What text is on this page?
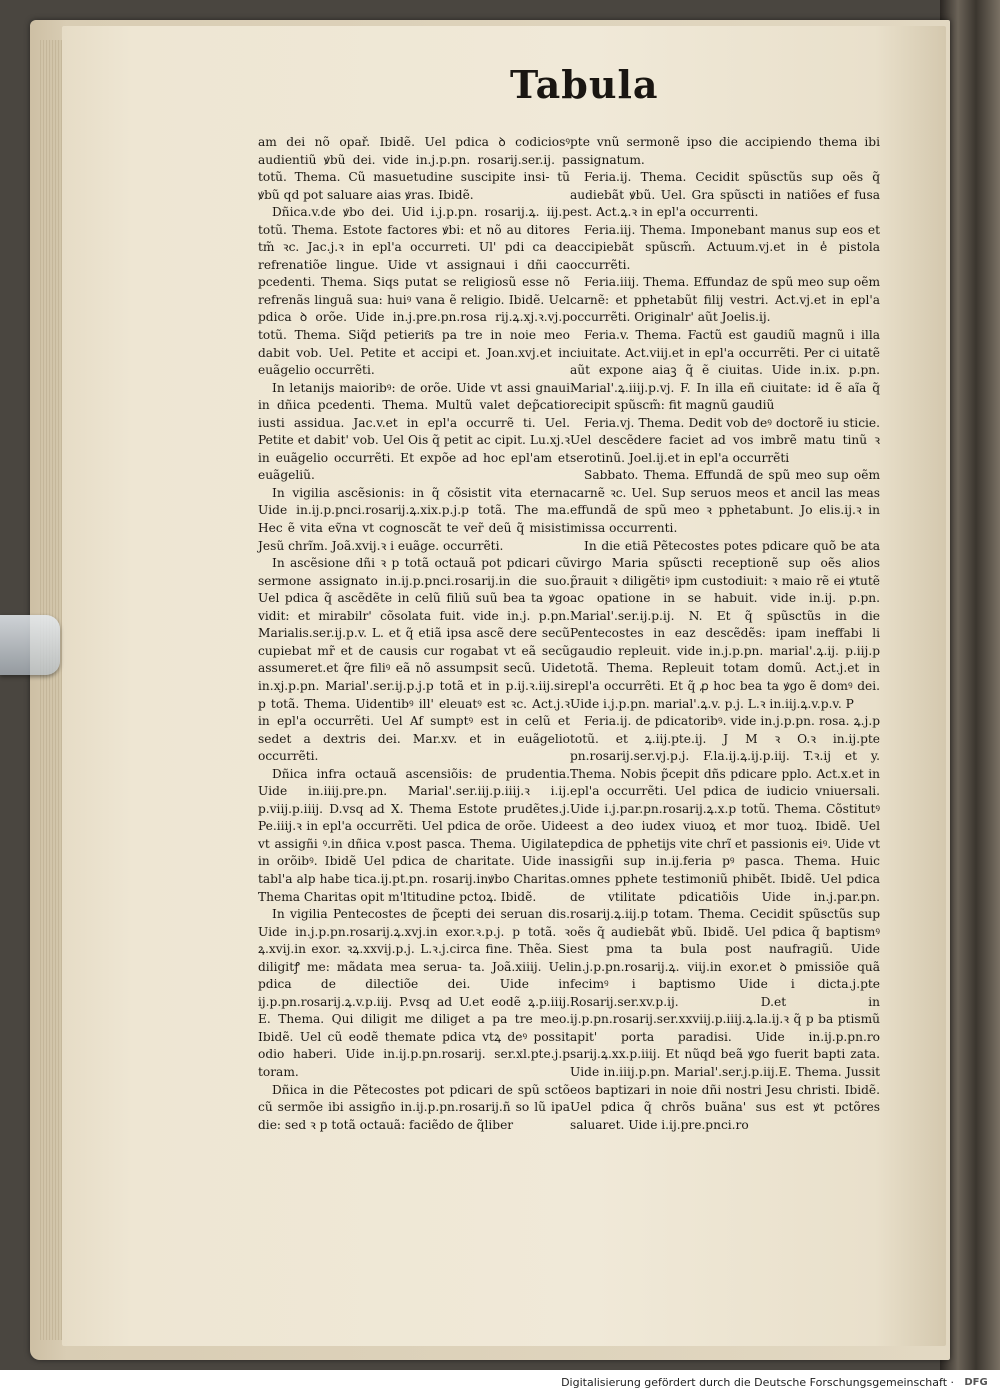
Tabula

am dei nõ opař. Ibidẽ. Uel pdica ꝺ codiciosꝰ audientiũ ꝟbũ dei. vide in.j.p.pn. rosarij.ser.ij. p totũ. Thema. Cũ masuetudine suscipite insi- tũ ꝟbũ qd pot saluare aias ꝟras. Ibidẽ.

Dñica.v.de ꝟbo dei. Uid i.j.p.pn. rosarij.ꝝ. iij.p totũ. Thema. Estote factores ꝟbi: et nõ au ditores tm̃ ꝛc. Jac.j.ꝛ in epl'a occurreti. Ul' pdi ca de refrenatiõe lingue. Uide vt assignaui i dñi ca pcedenti. Thema. Siqs putat se religiosũ esse nõ refrenãs linguã sua: huiꝰ vana ẽ religio. Ibidẽ. Uel pdica ꝺ orõe. Uide in.j.pre.pn.rosa rij.ꝝ.xj.ꝛ.vj.p totũ. Thema. Siq̃d petierit͂s pa tre in noie meo dabit vob. Uel. Petite et accipi et. Joan.xvj.et in euãgelio occurrẽti.

In letanijs maioribꝰ: de orõe. Uide vt assi gnaui in dñica pcedenti. Thema. Multũ valet dep̃catio iusti assidua. Jac.v.et in epl'a occurrẽ ti. Uel. Petite et dabit' vob. Uel Ois q̃ petit ac cipit. Lu.xj.ꝛ in euãgelio occurrẽti. Et expõe ad hoc epl'am et euãgeliũ.

In vigilia ascẽsionis: in q̃ cõsistit vita eterna Uide in.ij.p.pnci.rosarij.ꝝ.xix.p.j.p totã. The ma. Hec ẽ vita eṽna vt cognoscãt te ver̃ deũ q̃ misisti Jesũ chrĩm. Joã.xvij.ꝛ i euãge. occurrẽti.

In ascẽsione dñi ꝛ p totã octauã pot pdicari cũ sermone assignato in.ij.p.pnci.rosarij.in die suo. Uel pdica q̃ ascẽdẽte in celũ filiũ suũ bea ta ꝟgo vidit: et mirabilr' cõsolata fuit. vide in.j. p.pn. Marialis.ser.ij.p.v. L. et q̃ etiã ipsa ascẽ dere secũ cupiebat mr̃ et de causis cur rogabat vt eã secũ assumeret.et q̃re filiꝰ eã nõ assumpsit secũ. Uide in.xj.p.pn. Marial'.ser.ij.p.j.p totã et in p.ij.ꝛ.iij.sir p totã. Thema. Uidentibꝰ ill' eleuatꝰ est ꝛc. Act.j.ꝛ in epl'a occurrẽti. Uel Af sumptꝰ est in celũ et sedet a dextris dei. Mar.xv. et in euãgelio occurrẽti.

Dñica infra octauã ascensiõis: de prudentia. Uide in.iiij.pre.pn. Marial'.ser.iij.p.iiij.ꝛ i.ij. p.viij.p.iiij. D.vsq ad X. Thema Estote prudẽtes.j. Pe.iiij.ꝛ in epl'a occurrẽti. Uel pdica de orõe. Uide vt assigñi ꝰ.in dñica v.post pasca. Thema. Uigilate in orõibꝰ. Ibidẽ Uel pdica de charitate. Uide in tabl'a alp habe tica.ij.pt.pn. rosarij.inꝟbo Charitas. Thema Charitas opit m'ltitudine pctoꝝ. Ibidẽ.

In vigilia Pentecostes de p̃cepti dei seruan dis. Uide in.j.p.pn.rosarij.ꝝ.xvj.in exor.ꝛ.p.j. p totã. ꝛ ꝝ.xvij.in exor. ꝛꝝ.xxvij.p.j. L.ꝛ.j.circa fine. Thẽa. Si diligitꝭ me: mãdata mea serua- ta. Joã.xiiij. Uel pdica de dilectiõe dei. Uide in ij.p.pn.rosarij.ꝝ.v.p.iij. P.vsq ad U.et eodẽ ꝝ.p.iiij. E. Thema. Qui diligit me diliget a pa tre meo. Ibidẽ. Uel cũ eodẽ themate pdica vtꝝ deꝰ possit odio haberi. Uide in.ij.p.pn.rosarij. ser.xl.pte.j.p toram.

Dñica in die Pẽtecostes pot pdicari de spũ sctõ cũ sermõe ibi assigño in.ij.p.pn.rosarij.ñ so lũ ipa die: sed ꝛ p totã octauã: faciẽdo de q̃liber

pte vnũ sermonẽ ipso die accipiendo thema ibi assignatum.

Feria.ij. Thema. Cecidit spũsctũs sup oẽs q̃ audiebãt ꝟbũ. Uel. Gra spũscti in natiões ef fusa est. Act.ꝝ.ꝛ in epl'a occurrenti.

Feria.iij. Thema. Imponebant manus sup eos et accipiebãt spũscm̃. Actuum.vj.et in e̾ pistola occurrẽti.

Feria.iiij. Thema. Effundaz de spũ meo sup oẽm carnẽ: et pphetabũt filij vestri. Act.vj.et in epl'a occurrẽti. Originalr' aũt Joelis.ij.

Feria.v. Thema. Factũ est gaudiũ magnũ i illa ciuitate. Act.viij.et in epl'a occurrẽti. Per ci uitatẽ aũt expone aiaꝫ q̃ ẽ ciuitas. Uide in.ix. p.pn. Marial'.ꝝ.iiij.p.vj. F. In illa eñ ciuitate: id ẽ aĩa q̃ recipit spũscm̃: fit magnũ gaudiũ

Feria.vj. Thema. Dedit vob deꝰ doctorẽ iu sticie. Uel descẽdere faciet ad vos imbrẽ matu tinũ ꝛ serotinũ. Joel.ij.et in epl'a occurrẽti

Sabbato. Thema. Effundã de spũ meo sup oẽm carnẽ ꝛc. Uel. Sup seruos meos et ancil las meas effundã de spũ meo ꝛ pphetabunt. Jo elis.ij.ꝛ in missa occurrenti.

In die etiã Pẽtecostes potes pdicare quõ be ata virgo Maria spũscti receptionẽ sup oẽs alios p̃rauit ꝛ diligẽtiꝰ ipm custodiuit: ꝛ maio rẽ ei ꝟtutẽ ac opatione in se habuit. vide in.ij. p.pn. Marial'.ser.ij.p.ij. N. Et q̃ spũsctũs in die Pentecostes in eaz descẽdẽs: ipam ineffabi li gaudio repleuit. vide in.j.p.pn. marial'.ꝝ.ij. p.iij.p totã. Thema. Repleuit totam domũ. Act.j.et in epl'a occurrẽti. Et q̃ ꝓ hoc bea ta ꝟgo ẽ domꝰ dei. Uide i.j.p.pn. marial'.ꝝ.v. p.j. L.ꝛ in.iij.ꝝ.v.p.v. P

Feria.ij. de pdicatoribꝰ. vide in.j.p.pn. rosa. ꝝ.j.p totũ. et ꝝ.iij.pte.ij. J M ꝛ O.ꝛ in.ij.pte pn.rosarij.ser.vj.p.j. F.la.ij.ꝝ.ij.p.iij. T.ꝛ.ij et y. Thema. Nobis p̃cepit dñs pdicare pplo. Act.x.et in epl'a occurrẽti. Uel pdica de iudicio vniuersali. Uide i.j.par.pn.rosarij.ꝝ.x.p totũ. Thema. Cõstitutꝰ est a deo iudex viuoꝝ et mor tuoꝝ. Ibidẽ. Uel pdica de pphetijs vite chrĩ et passionis eiꝰ. Uide vt assigñi sup in.ij.feria pꝰ pasca. Thema. Huic omnes pphete testimoniũ phibẽt. Ibidẽ. Uel pdica de vtilitate pdicatiõis Uide in.j.par.pn. rosarij.ꝝ.iij.p totam. Thema. Cecidit spũsctũs sup oẽs q̃ audiebãt ꝟbũ. Ibidẽ. Uel pdica q̃ baptismꝰ est pma ta bula post naufragiũ. Uide in.j.p.pn.rosarij.ꝝ. viij.in exor.et ꝺ pmissiõe quã fecimꝰ i baptismo Uide i dicta.j.pte Rosarij.ser.xv.p.ij. D.et in ij.p.pn.rosarij.ser.xxviij.p.iiij.ꝝ.la.ij.ꝛ q̃ p ba ptismũ apit' porta paradisi. Uide in.ij.p.pn.ro sarij.ꝝ.xx.p.iiij. Et nũqd beã ꝟgo fuerit bapti zata. Uide in.iiij.p.pn. Marial'.ser.j.p.iij.E. Thema. Jussit eos baptizari in noie dñi nostri Jesu christi. Ibidẽ. Uel pdica q̃ chrõs buãna' sus est ꝟt pctõres saluaret. Uide i.ij.pre.pnci.ro

Digitalisierung gefördert durch die Deutsche Forschungsgemeinschaft ·	DFG
